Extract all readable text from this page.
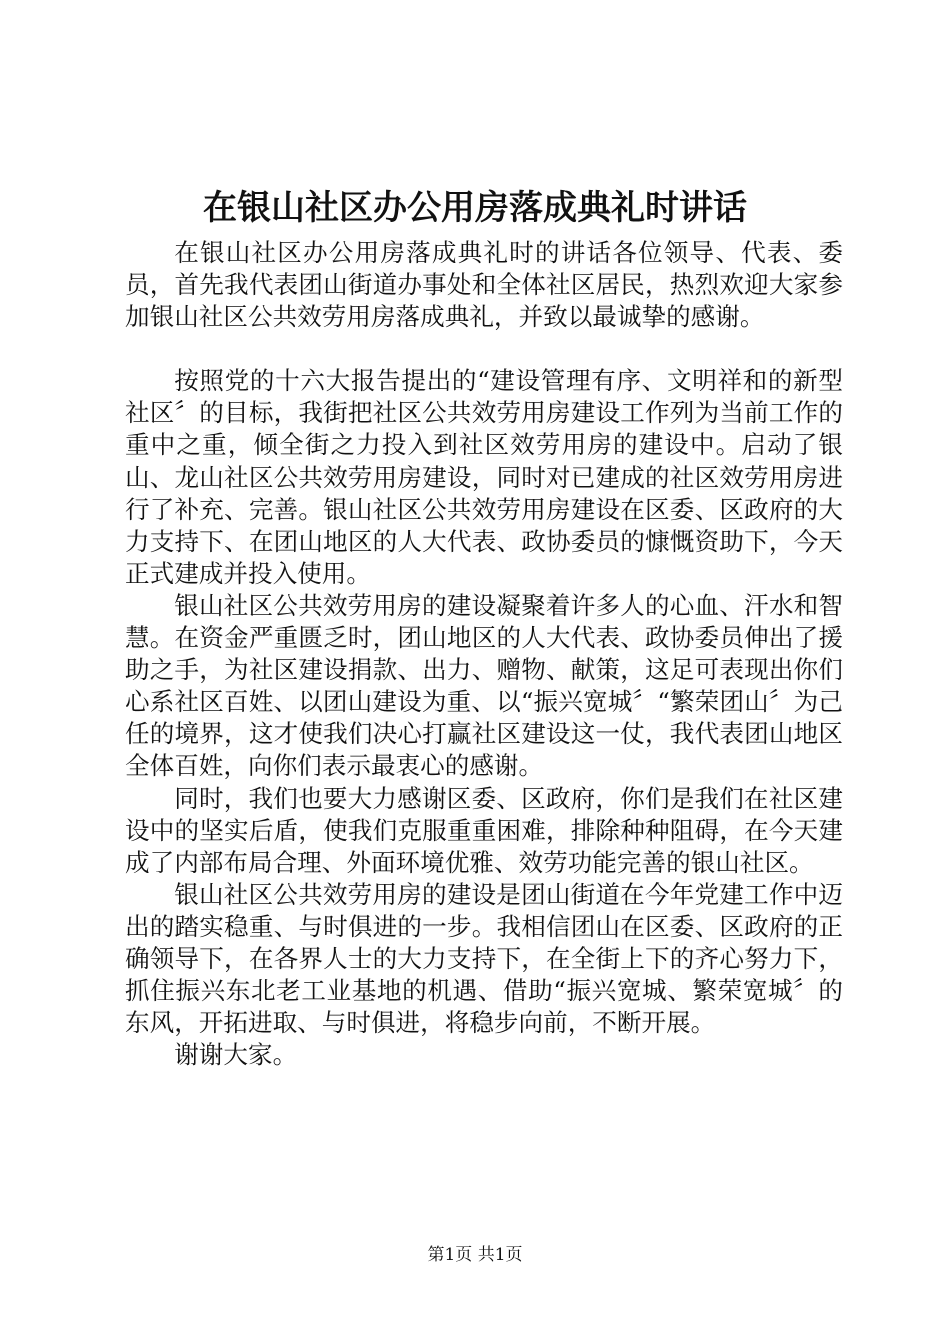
在银山社区办公用房落成典礼时讲话

在银山社区办公用房落成典礼时的讲话各位领导、代表、委员，首先我代表团山街道办事处和全体社区居民，热烈欢迎大家参加银山社区公共效劳用房落成典礼，并致以最诚挚的感谢。

按照党的十六大报告提出的“建设管理有序、文明祥和的新型社区〞的目标，我街把社区公共效劳用房建设工作列为当前工作的重中之重，倾全街之力投入到社区效劳用房的建设中。启动了银山、龙山社区公共效劳用房建设，同时对已建成的社区效劳用房进行了补充、完善。银山社区公共效劳用房建设在区委、区政府的大力支持下、在团山地区的人大代表、政协委员的慷慨资助下，今天正式建成并投入使用。

银山社区公共效劳用房的建设凝聚着许多人的心血、汗水和智慧。在资金严重匮乏时，团山地区的人大代表、政协委员伸出了援助之手，为社区建设捐款、出力、赠物、献策，这足可表现出你们心系社区百姓、以团山建设为重、以“振兴宽城〞“繁荣团山〞为己任的境界，这才使我们决心打赢社区建设这一仗，我代表团山地区全体百姓，向你们表示最衷心的感谢。

同时，我们也要大力感谢区委、区政府，你们是我们在社区建设中的坚实后盾，使我们克服重重困难，排除种种阻碍，在今天建成了内部布局合理、外面环境优雅、效劳功能完善的银山社区。

银山社区公共效劳用房的建设是团山街道在今年党建工作中迈出的踏实稳重、与时俱进的一步。我相信团山在区委、区政府的正确领导下，在各界人士的大力支持下，在全街上下的齐心努力下，抓住振兴东北老工业基地的机遇、借助“振兴宽城、繁荣宽城〞的东风，开拓进取、与时俱进，将稳步向前，不断开展。

谢谢大家。

第1页 共1页
